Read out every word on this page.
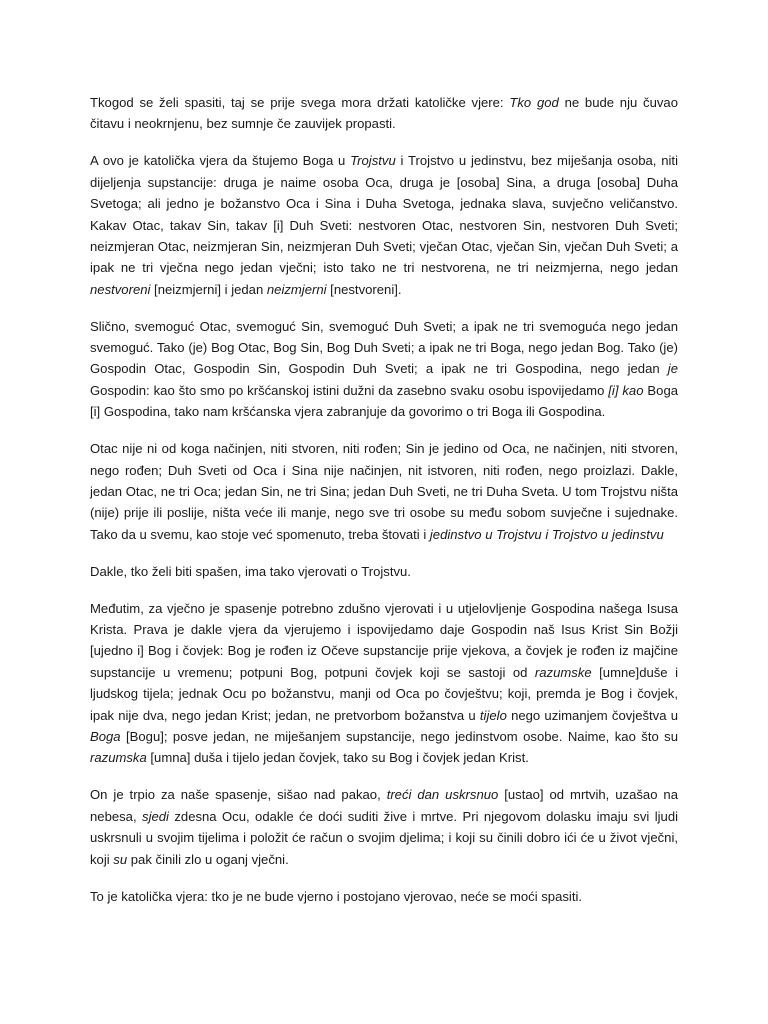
Tkogod se želi spasiti, taj se prije svega mora držati katoličke vjere: Tko god ne bude nju čuvao čitavu i neokrnjenu, bez sumnje če zauvijek propasti.

A ovo je katolička vjera da štujemo Boga u Trojstvu i Trojstvo u jedinstvu, bez miješanja osoba, niti dijeljenja supstancije: druga je naime osoba Oca, druga je [osoba] Sina, a druga [osoba] Duha Svetoga; ali jedno je božanstvo Oca i Sina i Duha Svetoga, jednaka slava, suvječno veličanstvo. Kakav Otac, takav Sin, takav [i] Duh Sveti: nestvoren Otac, nestvoren Sin, nestvoren Duh Sveti; neizmjeran Otac, neizmjeran Sin, neizmjeran Duh Sveti; vječan Otac, vječan Sin, vječan Duh Sveti; a ipak ne tri vječna nego jedan vječni; isto tako ne tri nestvorena, ne tri neizmjerna, nego jedan nestvoreni [neizmjerni] i jedan neizmjerni [nestvoreni].

Slično, svemoguć Otac, svemoguć Sin, svemoguć Duh Sveti; a ipak ne tri svemoguća nego jedan svemoguć. Tako (je) Bog Otac, Bog Sin, Bog Duh Sveti; a ipak ne tri Boga, nego jedan Bog. Tako (je) Gospodin Otac, Gospodin Sin, Gospodin Duh Sveti; a ipak ne tri Gospodina, nego jedan je Gospodin: kao što smo po kršćanskoj istini dužni da zasebno svaku osobu ispovijedamo [i] kao Boga [i] Gospodina, tako nam kršćanska vjera zabranjuje da govorimo o tri Boga ili Gospodina.

Otac nije ni od koga načinjen, niti stvoren, niti rođen; Sin je jedino od Oca, ne načinjen, niti stvoren, nego rođen; Duh Sveti od Oca i Sina nije načinjen, nit istvoren, niti rođen, nego proizlazi. Dakle, jedan Otac, ne tri Oca; jedan Sin, ne tri Sina; jedan Duh Sveti, ne tri Duha Sveta. U tom Trojstvu ništa (nije) prije ili poslije, ništa veće ili manje, nego sve tri osobe su među sobom suvječne i sujednake. Tako da u svemu, kao stoje već spomenuto, treba štovati i jedinstvo u Trojstvu i Trojstvo u jedinstvu

Dakle, tko želi biti spašen, ima tako vjerovati o Trojstvu.

Međutim, za vječno je spasenje potrebno zdušno vjerovati i u utjelovljenje Gospodina našega Isusa Krista. Prava je dakle vjera da vjerujemo i ispovijedamo daje Gospodin naš Isus Krist Sin Božji [ujedno i] Bog i čovjek: Bog je rođen iz Očeve supstancije prije vjekova, a čovjek je rođen iz majčine supstancije u vremenu; potpuni Bog, potpuni čovjek koji se sastoji od razumske [umne]duše i ljudskog tijela; jednak Ocu po božanstvu, manji od Oca po čovještvu; koji, premda je Bog i čovjek, ipak nije dva, nego jedan Krist; jedan, ne pretvorbom božanstva u tijelo nego uzimanjem čovještva u Boga [Bogu]; posve jedan, ne miješanjem supstancije, nego jedinstvom osobe. Naime, kao što su razumska [umna] duša i tijelo jedan čovjek, tako su Bog i čovjek jedan Krist.

On je trpio za naše spasenje, sišao nad pakao, treći dan uskrsnuo [ustao] od mrtvih, uzašao na nebesa, sjedi zdesna Ocu, odakle će doći suditi žive i mrtve. Pri njegovom dolasku imaju svi ljudi uskrsnuli u svojim tijelima i položit će račun o svojim djelima; i koji su činili dobro ići će u život vječni, koji su pak činili zlo u oganj vječni.

To je katolička vjera: tko je ne bude vjerno i postojano vjerovao, neće se moći spasiti.
